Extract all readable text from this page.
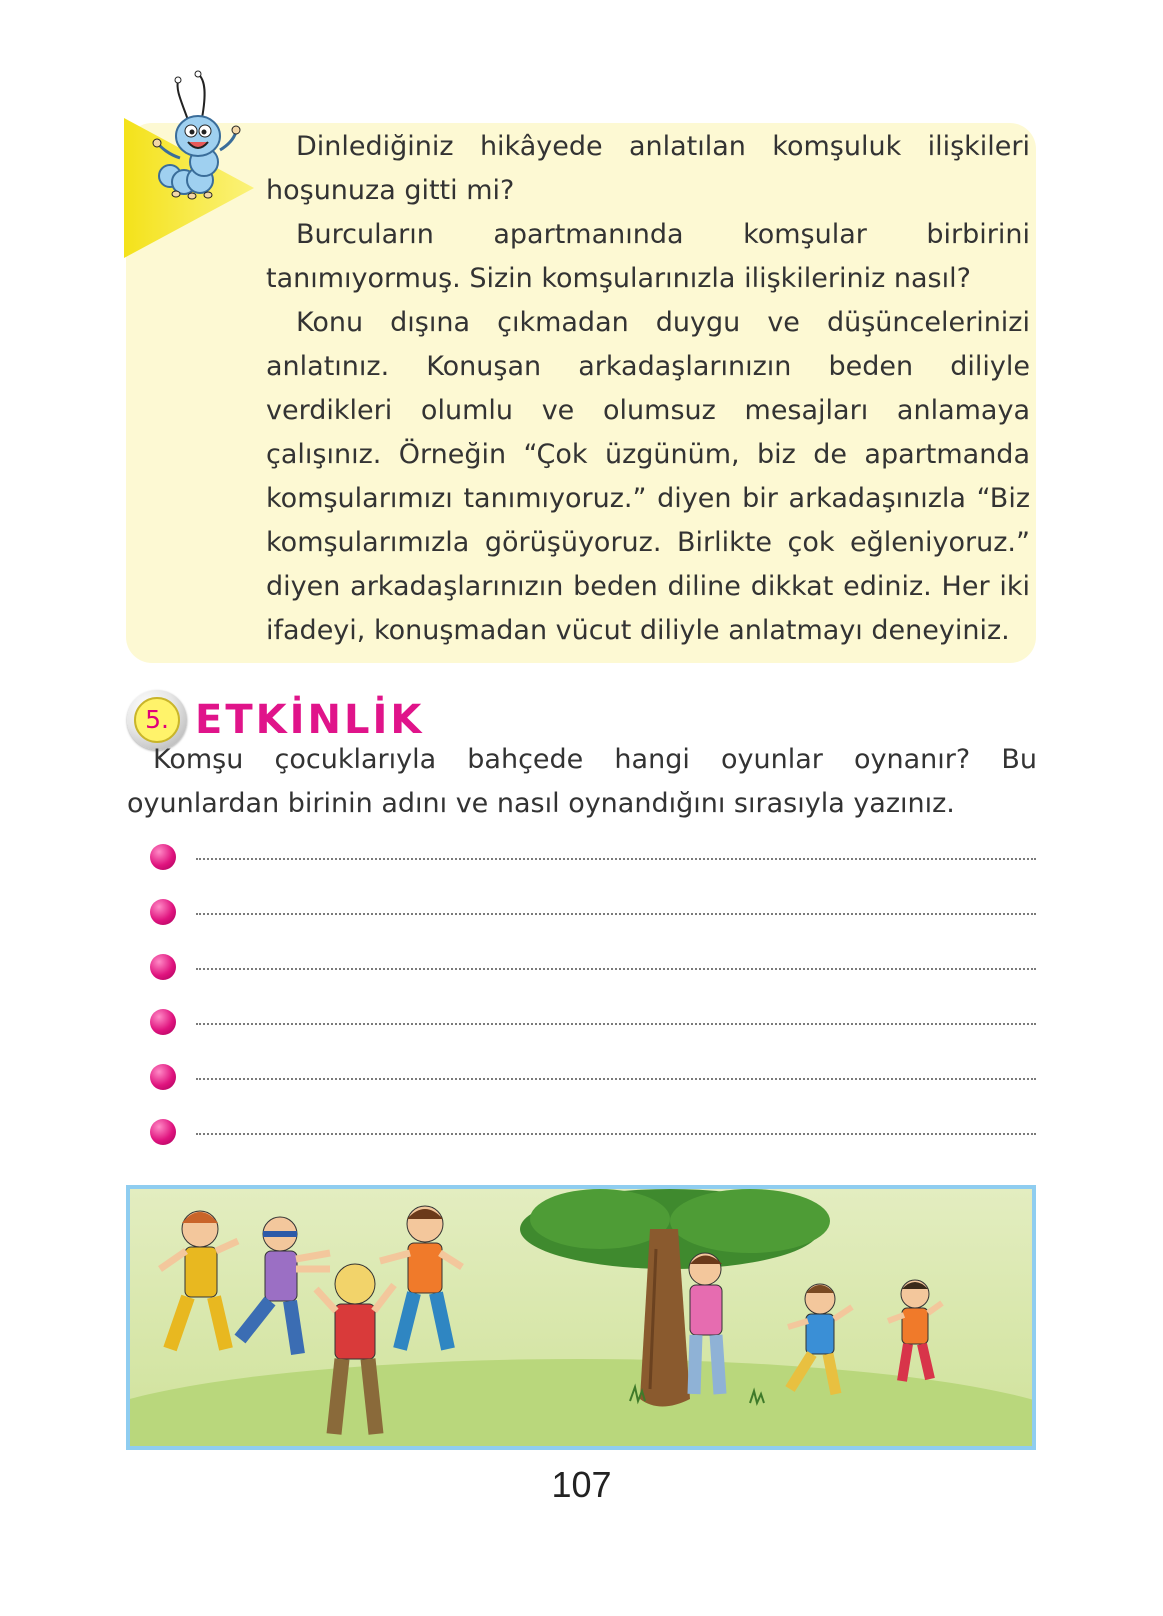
Dinlediğiniz hikâyede anlatılan komşuluk ilişkileri hoşunuza gitti mi?

Burcuların apartmanında komşular birbirini tanımıyormuş. Sizin komşularınızla ilişkileriniz nasıl?

Konu dışına çıkmadan duygu ve düşüncelerinizi anlatınız. Konuşan arkadaşlarınızın beden diliyle verdikleri olumlu ve olumsuz mesajları anlamaya çalışınız. Örneğin “Çok üzgünüm, biz de apartmanda komşularımızı tanımıyoruz.” diyen bir arkadaşınızla “Biz komşularımızla görüşüyoruz. Birlikte çok eğleniyoruz.” diyen arkadaşlarınızın beden diline dikkat ediniz. Her iki ifadeyi, konuşmadan vücut diliyle anlatmayı deneyiniz.

5. ETKİNLİK
Komşu çocuklarıyla bahçede hangi oyunlar oynanır? Bu oyunlardan birinin adını ve nasıl oynandığını sırasıyla yazınız.
107
